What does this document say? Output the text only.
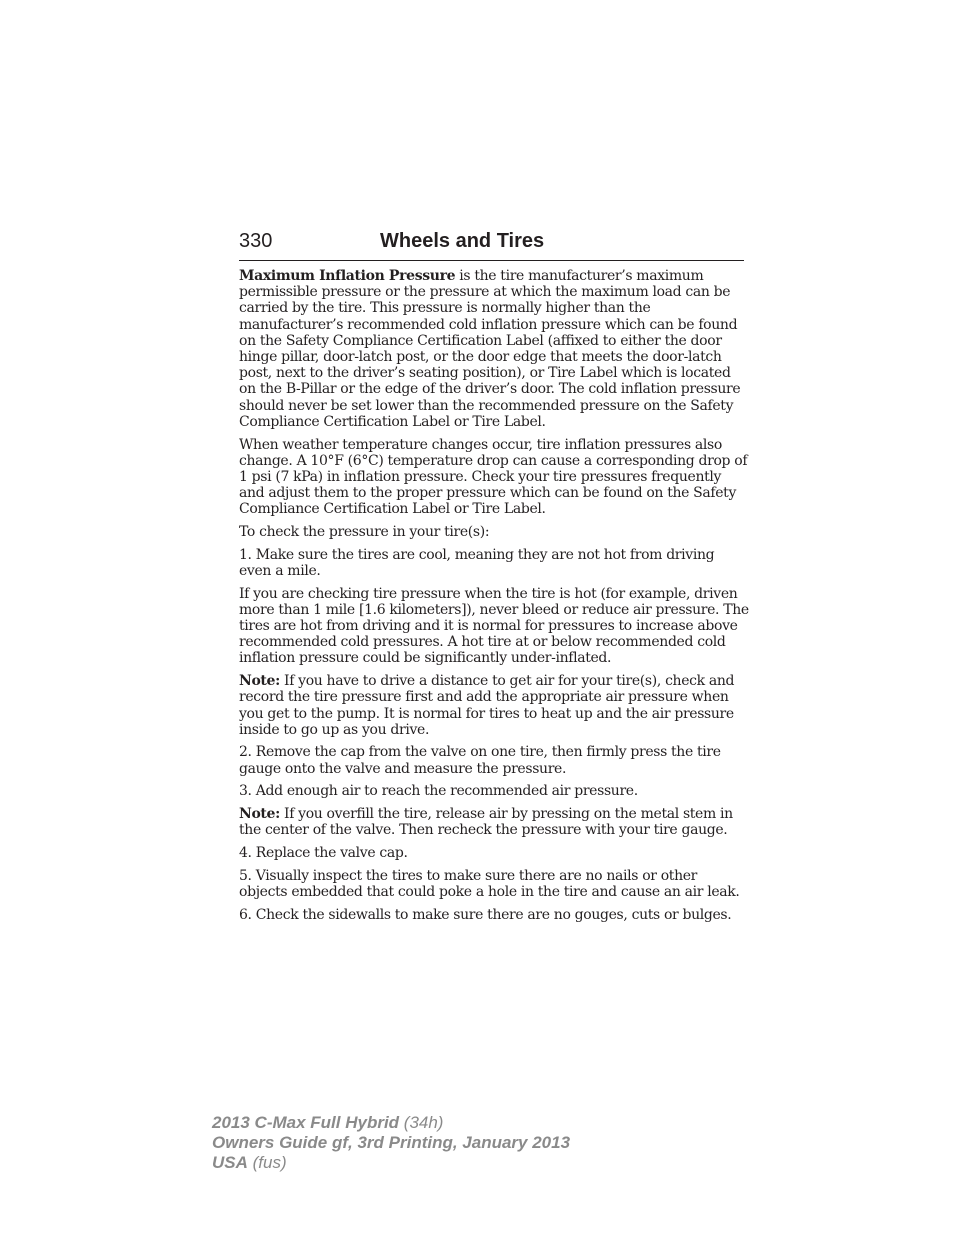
330	Wheels and Tires

Maximum Inflation Pressure is the tire manufacturer’s maximum permissible pressure or the pressure at which the maximum load can be carried by the tire. This pressure is normally higher than the manufacturer’s recommended cold inflation pressure which can be found on the Safety Compliance Certification Label (affixed to either the door hinge pillar, door-latch post, or the door edge that meets the door-latch post, next to the driver’s seating position), or Tire Label which is located on the B-Pillar or the edge of the driver’s door. The cold inflation pressure should never be set lower than the recommended pressure on the Safety Compliance Certification Label or Tire Label.

When weather temperature changes occur, tire inflation pressures also change. A 10°F (6°C) temperature drop can cause a corresponding drop of 1 psi (7 kPa) in inflation pressure. Check your tire pressures frequently and adjust them to the proper pressure which can be found on the Safety Compliance Certification Label or Tire Label.

To check the pressure in your tire(s):

1. Make sure the tires are cool, meaning they are not hot from driving even a mile.

If you are checking tire pressure when the tire is hot (for example, driven more than 1 mile [1.6 kilometers]), never bleed or reduce air pressure. The tires are hot from driving and it is normal for pressures to increase above recommended cold pressures. A hot tire at or below recommended cold inflation pressure could be significantly under-inflated.

Note: If you have to drive a distance to get air for your tire(s), check and record the tire pressure first and add the appropriate air pressure when you get to the pump. It is normal for tires to heat up and the air pressure inside to go up as you drive.

2. Remove the cap from the valve on one tire, then firmly press the tire gauge onto the valve and measure the pressure.

3. Add enough air to reach the recommended air pressure.

Note: If you overfill the tire, release air by pressing on the metal stem in the center of the valve. Then recheck the pressure with your tire gauge.

4. Replace the valve cap.

5. Visually inspect the tires to make sure there are no nails or other objects embedded that could poke a hole in the tire and cause an air leak.

6. Check the sidewalls to make sure there are no gouges, cuts or bulges.

2013 C-Max Full Hybrid (34h)
Owners Guide gf, 3rd Printing, January 2013
USA (fus)
